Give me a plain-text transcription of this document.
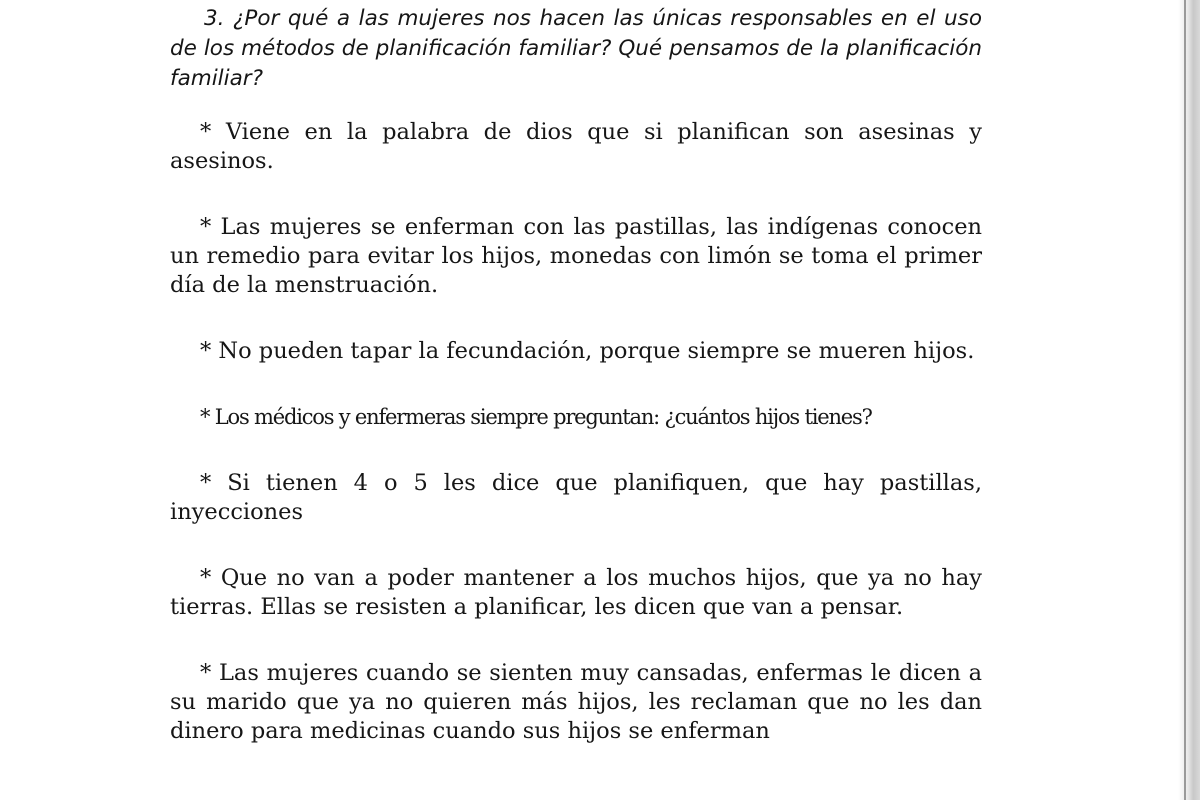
3. ¿Por qué a las mujeres nos hacen las únicas responsables en el uso de los métodos de planificación familiar? Qué pensamos de la planificación familiar?

* Viene en la palabra de dios que si planifican son asesinas y asesinos.

* Las mujeres se enferman con las pastillas, las indígenas conocen un remedio para evitar los hijos, monedas con limón se toma el primer día de la menstruación.

* No pueden tapar la fecundación, porque siempre se mueren hijos.

* Los médicos y enfermeras siempre preguntan: ¿cuántos hijos tienes?

* Si tienen 4 o 5 les dice que planifiquen, que hay pastillas, inyecciones

* Que no van a poder mantener a los muchos hijos, que ya no hay tierras. Ellas se resisten a planificar, les dicen que van a pensar.

* Las mujeres cuando se sienten muy cansadas, enfermas le dicen a su marido que ya no quieren más hijos, les reclaman que no les dan dinero para medicinas cuando sus hijos se enferman
